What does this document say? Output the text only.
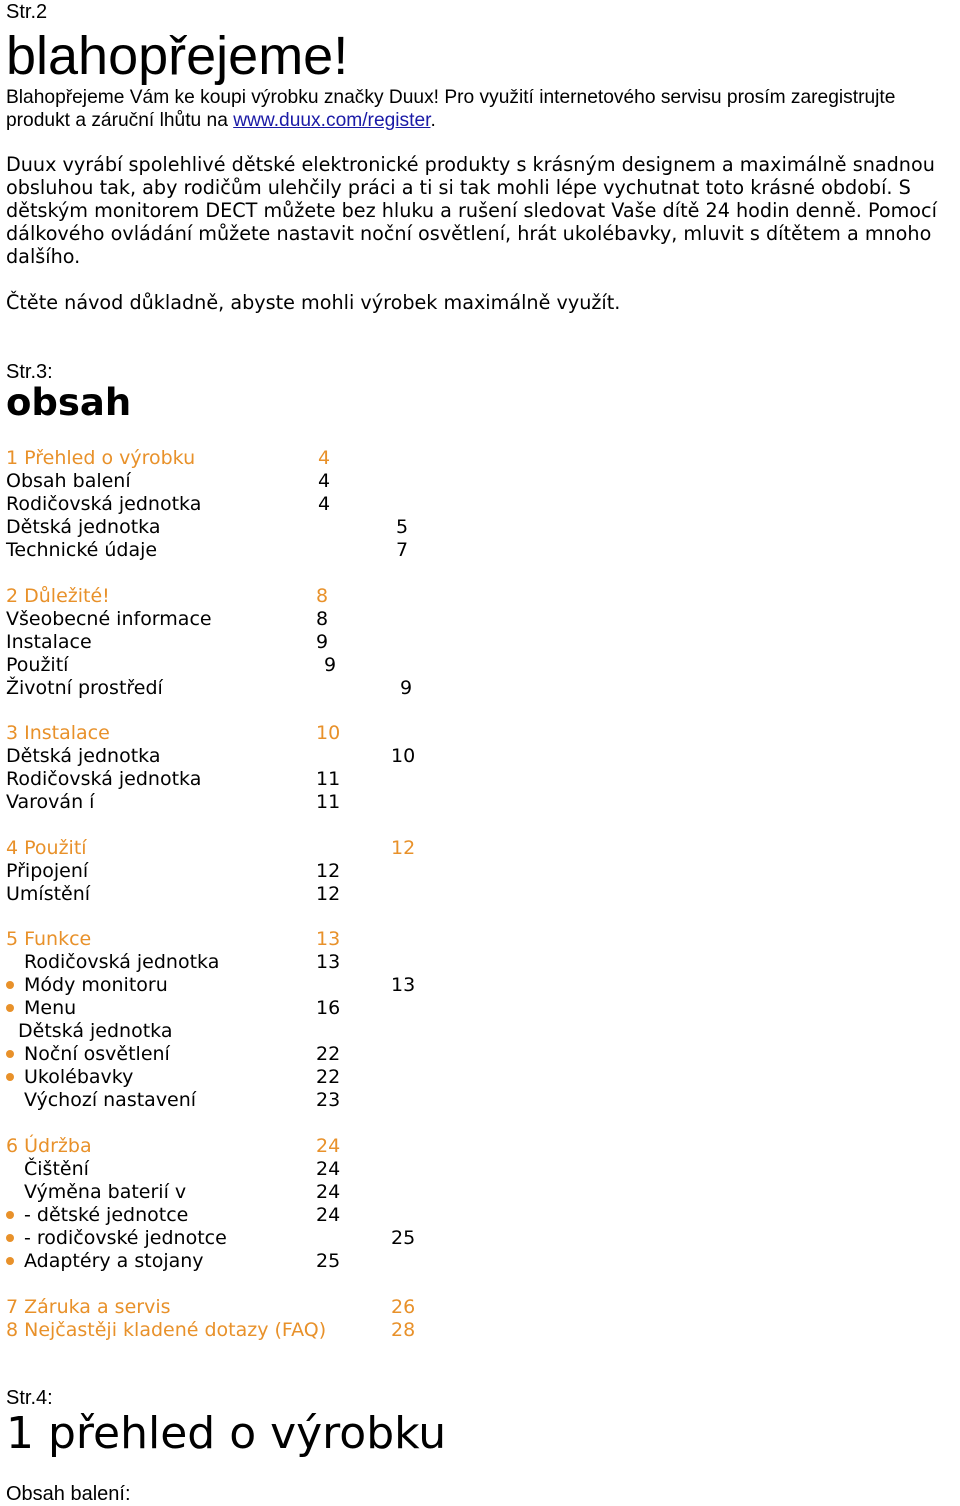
Str.2
blahopřejeme!
Blahopřejeme Vám ke koupi výrobku značky Duux! Pro využití internetového servisu prosím zaregistrujte produkt a záruční lhůtu na www.duux.com/register.
Duux vyrábí spolehlivé dětské elektronické produkty s krásným designem a maximálně snadnou obsluhou tak, aby rodičům ulehčily práci a ti si tak mohli lépe vychutnat toto krásné období. S dětským monitorem DECT můžete bez hluku a rušení sledovat Vaše dítě 24 hodin denně. Pomocí dálkového ovládání můžete nastavit noční osvětlení, hrát ukolébavky, mluvit s dítětem a mnoho dalšího.
Čtěte návod důkladně, abyste mohli výrobek maximálně využít.
Str.3:
obsah
1 Přehled o výrobku	4
Obsah balení	4
Rodičovská jednotka	4
Dětská jednotka	5
Technické údaje	7
2 Důležité!	8
Všeobecné informace	8
Instalace	9
Použití	9
Životní prostředí	9
3 Instalace	10
Dětská jednotka	10
Rodičovská jednotka	11
Varován í	11
4 Použití	12
Připojení	12
Umístění	12
5 Funkce	13
Rodičovská jednotka	13
Módy monitoru	13
Menu	16
Dětská jednotka
Noční osvětlení	22
Ukolébavky	22
Výchozí nastavení	23
6 Údržba	24
Čištění	24
Výměna baterií v	24
- dětské jednotce	24
- rodičovské jednotce	25
Adaptéry a stojany	25
7 Záruka a servis	26
8 Nejčastěji kladené dotazy (FAQ)	28
Str.4:
1 přehled o výrobku
Obsah balení:
